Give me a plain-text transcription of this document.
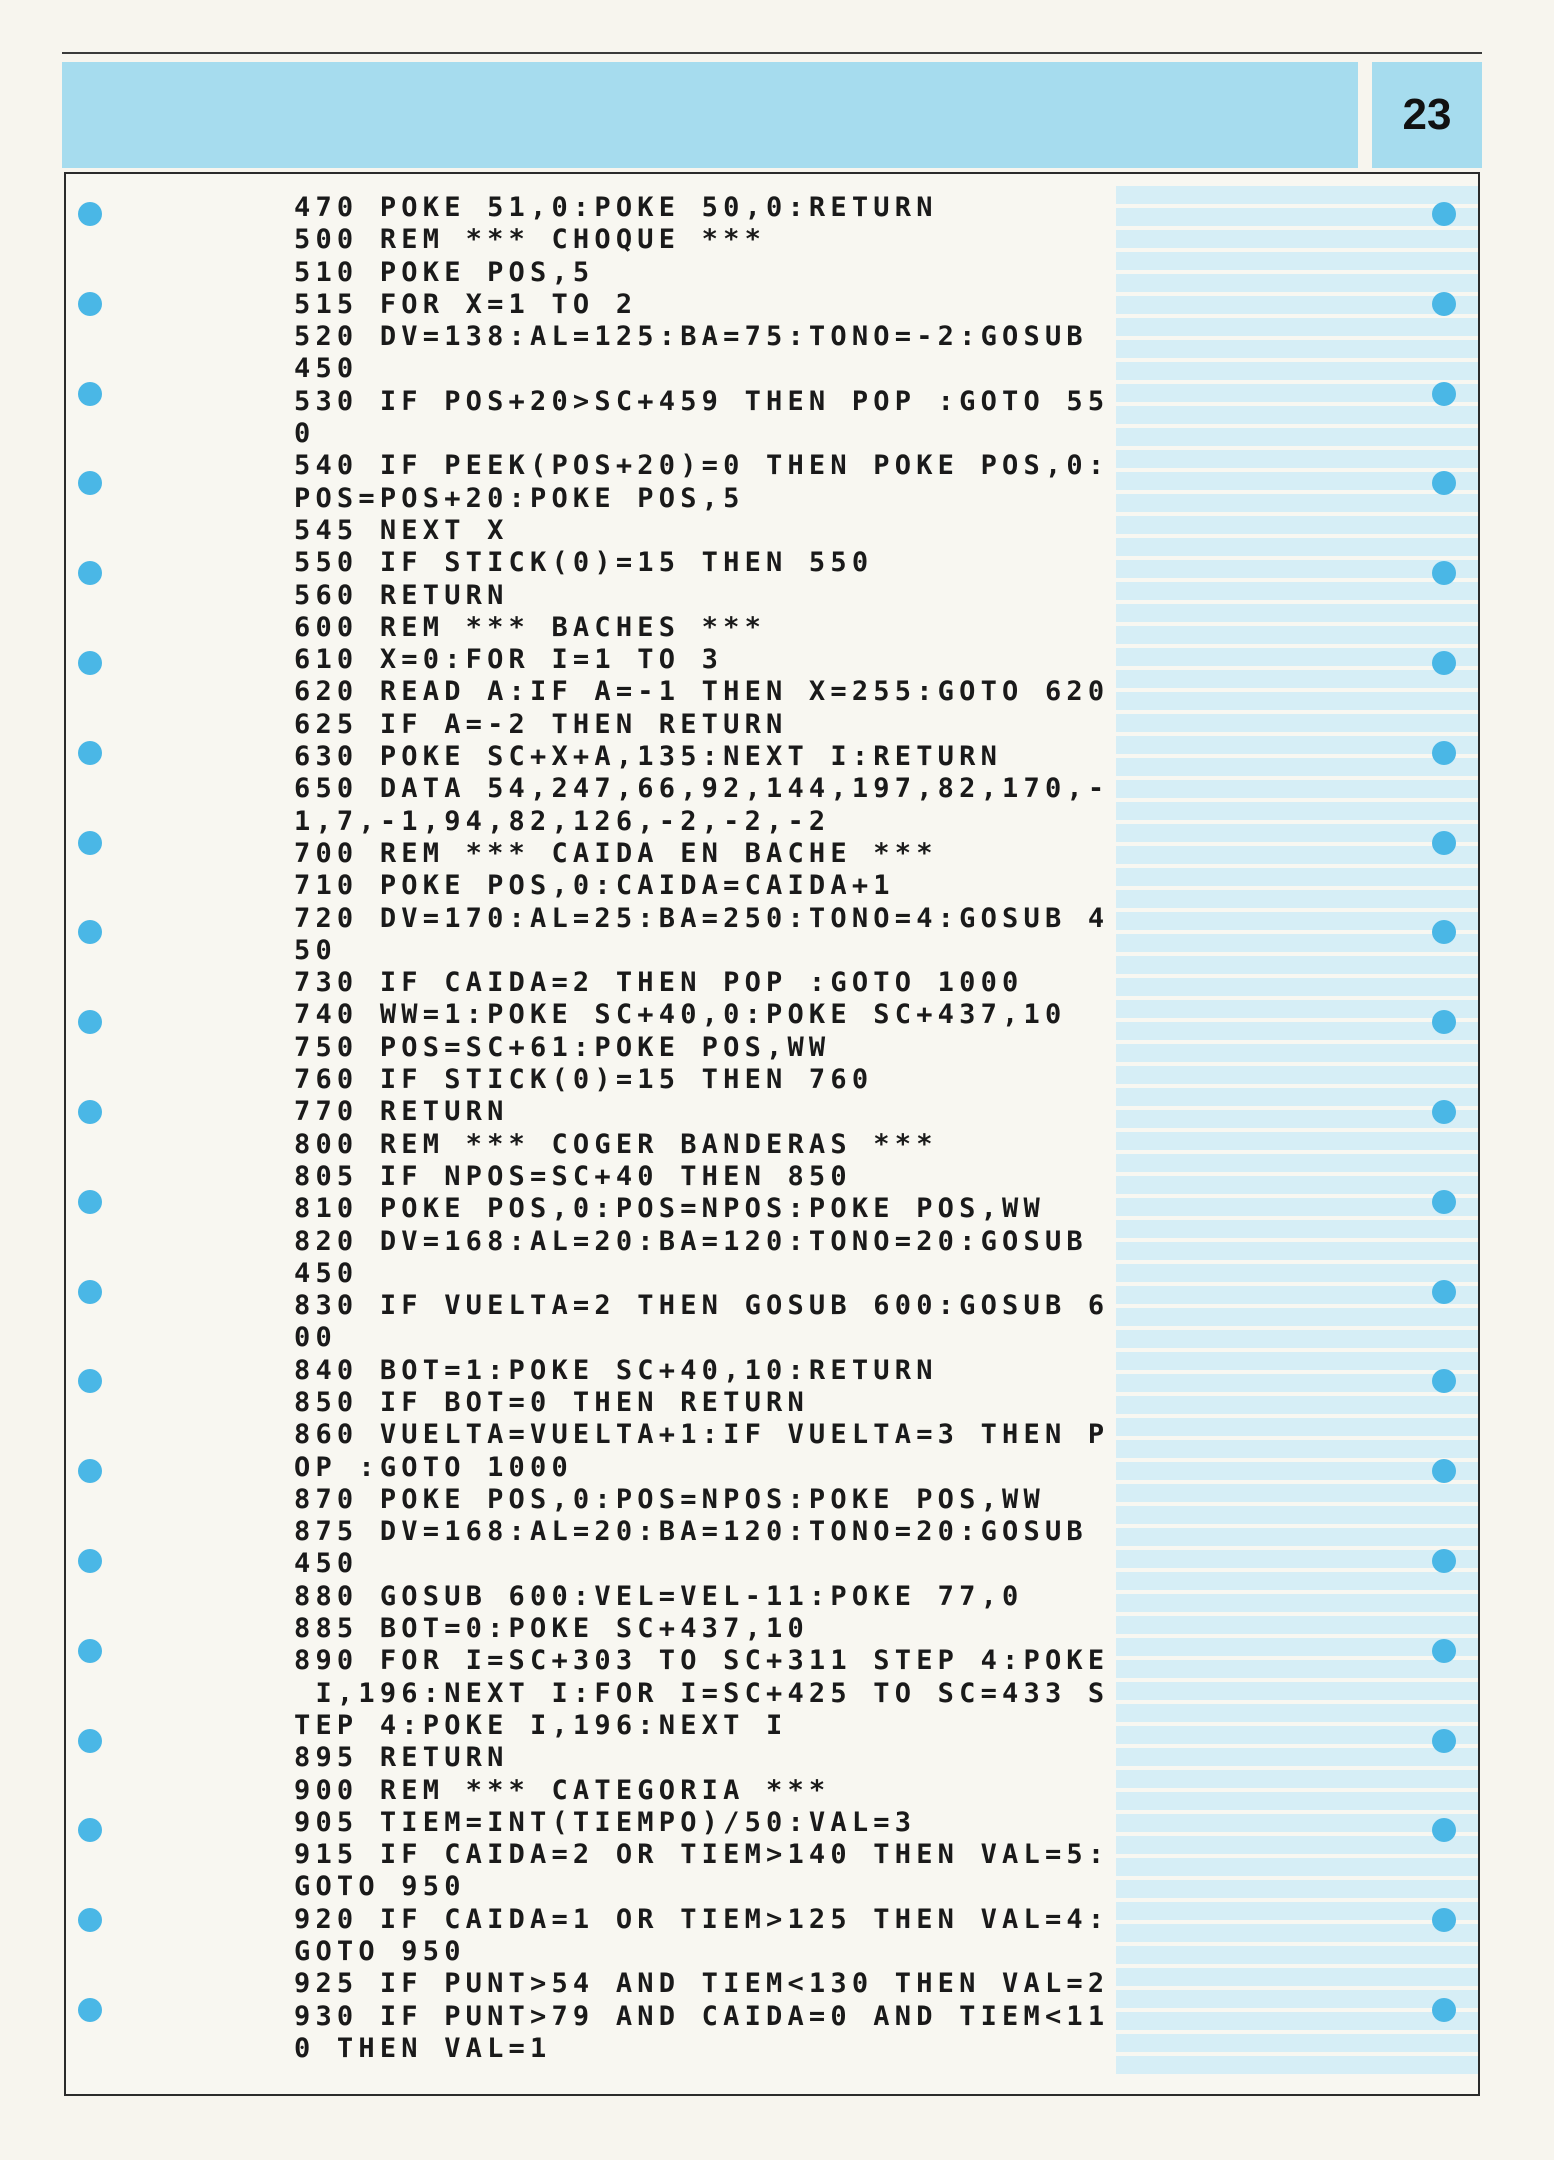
23
470 POKE 51,0:POKE 50,0:RETURN
500 REM *** CHOQUE ***
510 POKE POS,5
515 FOR X=1 TO 2
520 DV=138:AL=125:BA=75:TONO=-2:GOSUB
450
530 IF POS+20>SC+459 THEN POP :GOTO 55
0
540 IF PEEK(POS+20)=0 THEN POKE POS,0:
POS=POS+20:POKE POS,5
545 NEXT X
550 IF STICK(0)=15 THEN 550
560 RETURN
600 REM *** BACHES ***
610 X=0:FOR I=1 TO 3
620 READ A:IF A=-1 THEN X=255:GOTO 620
625 IF A=-2 THEN RETURN
630 POKE SC+X+A,135:NEXT I:RETURN
650 DATA 54,247,66,92,144,197,82,170,-
1,7,-1,94,82,126,-2,-2,-2
700 REM *** CAIDA EN BACHE ***
710 POKE POS,0:CAIDA=CAIDA+1
720 DV=170:AL=25:BA=250:TONO=4:GOSUB 4
50
730 IF CAIDA=2 THEN POP :GOTO 1000
740 WW=1:POKE SC+40,0:POKE SC+437,10
750 POS=SC+61:POKE POS,WW
760 IF STICK(0)=15 THEN 760
770 RETURN
800 REM *** COGER BANDERAS ***
805 IF NPOS=SC+40 THEN 850
810 POKE POS,0:POS=NPOS:POKE POS,WW
820 DV=168:AL=20:BA=120:TONO=20:GOSUB
450
830 IF VUELTA=2 THEN GOSUB 600:GOSUB 6
00
840 BOT=1:POKE SC+40,10:RETURN
850 IF BOT=0 THEN RETURN
860 VUELTA=VUELTA+1:IF VUELTA=3 THEN P
OP :GOTO 1000
870 POKE POS,0:POS=NPOS:POKE POS,WW
875 DV=168:AL=20:BA=120:TONO=20:GOSUB
450
880 GOSUB 600:VEL=VEL-11:POKE 77,0
885 BOT=0:POKE SC+437,10
890 FOR I=SC+303 TO SC+311 STEP 4:POKE
I,196:NEXT I:FOR I=SC+425 TO SC=433 S
TEP 4:POKE I,196:NEXT I
895 RETURN
900 REM *** CATEGORIA ***
905 TIEM=INT(TIEMPO)/50:VAL=3
915 IF CAIDA=2 OR TIEM>140 THEN VAL=5:
GOTO 950
920 IF CAIDA=1 OR TIEM>125 THEN VAL=4:
GOTO 950
925 IF PUNT>54 AND TIEM<130 THEN VAL=2
930 IF PUNT>79 AND CAIDA=0 AND TIEM<11
0 THEN VAL=1
